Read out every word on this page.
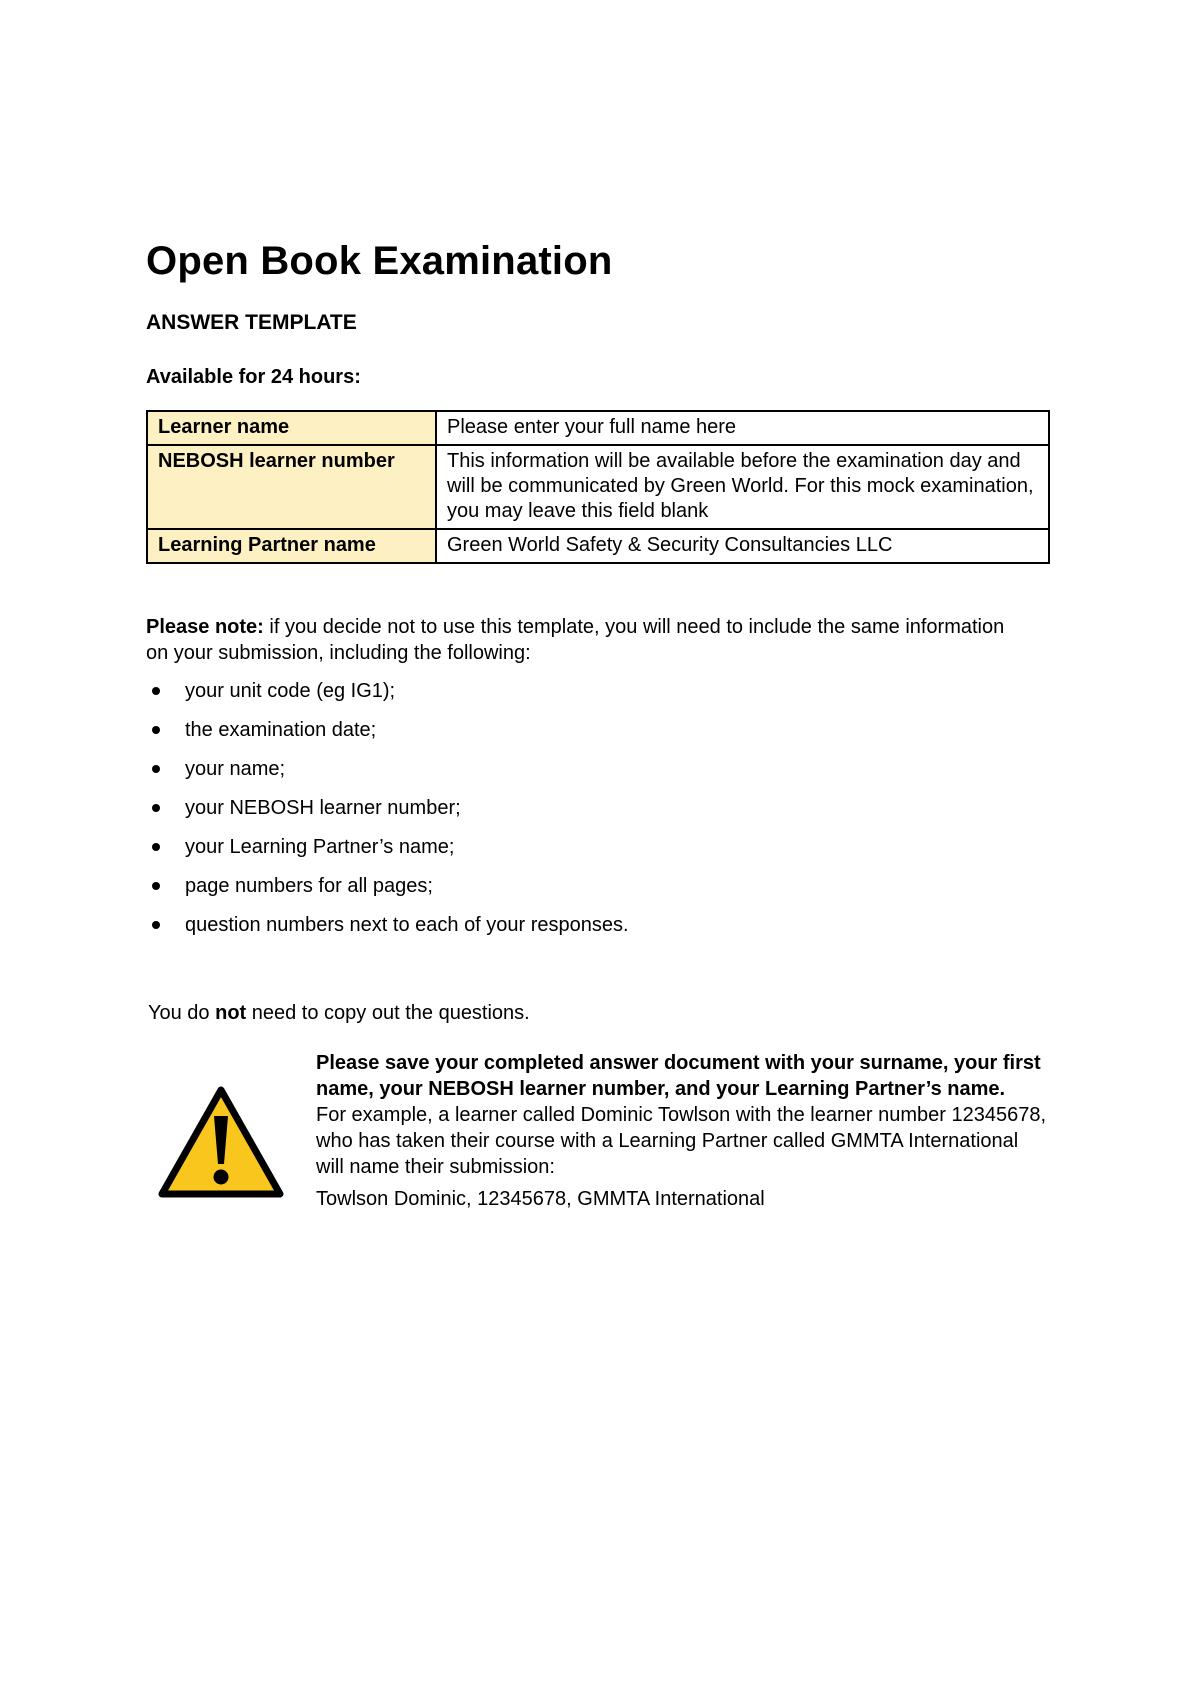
Open Book Examination
ANSWER TEMPLATE
Available for 24 hours:
Learner name	Please enter your full name here
NEBOSH learner number	This information will be available before the examination day and will be communicated by Green World. For this mock examination, you may leave this field blank
Learning Partner name	Green World Safety & Security Consultancies LLC
Please note: if you decide not to use this template, you will need to include the same information on your submission, including the following:
your unit code (eg IG1);
the examination date;
your name;
your NEBOSH learner number;
your Learning Partner’s name;
page numbers for all pages;
question numbers next to each of your responses.
You do not need to copy out the questions.
Please save your completed answer document with your surname, your first name, your NEBOSH learner number, and your Learning Partner’s name.
For example, a learner called Dominic Towlson with the learner number 12345678, who has taken their course with a Learning Partner called GMMTA International will name their submission:
Towlson Dominic, 12345678, GMMTA International
